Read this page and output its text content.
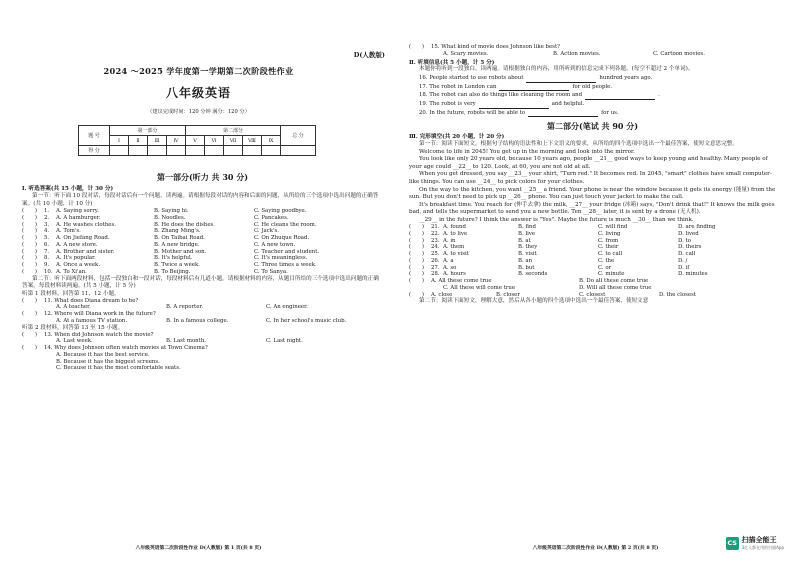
D(人教版)
2024 ～2025 学年度第一学期第二次阶段性作业
八年级英语
（建议完成时间：120 分钟 满分：120 分）
题 号	第一部分				第二部分					总 分
	Ⅰ	Ⅱ	Ⅲ	Ⅳ	Ⅴ	Ⅵ	Ⅶ	Ⅷ	Ⅸ	
得 分										
第一部分(听力 共 30 分)
Ⅰ. 听选答案(共 15 小题，计 30 分)
第一节：听下面 10 段对话，每段对话后有一个问题，读两遍。请根据每段对话的内容和后面的问题，从所给的三个选项中选出问题的正确答案。(共 10 小题，计 10 分)
(　　)	1.	A. Saying sorry.	B. Saying hi.	C. Saying goodbye.
(　　)	2.	A. A hamburger.	B. Noodles.	C. Pancakes.
(　　)	3.	A. He washes clothes.	B. He does the dishes.	C. He cleans the room.
(　　)	4.	A. Tom's.	B. Zhang Ming's.	C. Jack's.
(　　)	5.	A. On Jiefang Road.	B. On Taibai Road.	C. On Zhuque Road.
(　　)	6.	A. A new store.	B. A new bridge.	C. A new town.
(　　)	7.	A. Brother and sister.	B. Mother and son.	C. Teacher and student.
(　　)	8.	A. It's popular.	B. It's helpful.	C. It's meaningless.
(　　)	9.	A. Once a week.	B. Twice a week.	C. Three times a week.
(　　)	10. A. To Xi'an.	B. To Beijing.	C. To Sanya.
第二节：听下面两段材料，包括一段独白和一段对话，每段材料后有几道小题。请根据材料的内容，从题目所给的三个选项中选出问题的正确答案。每段材料读两遍。(共 5 小题，计 5 分)
听第 1 段材料，回答第 11、12 小题。
(　　)	11. What does Diana dream to be?
A. A teacher.	B. A reporter.	C. An engineer.
(　　)	12. Where will Diana work in the future?
A. At a famous TV station.	B. In a famous college.	C. In her school's music club.
听第 2 段材料，回答第 13 至 15 小题。
(　　)	13. When did Johnson watch the movie?
A. Last week.	B. Last month.	C. Last night.
(　　)	14. Why does Johnson often watch movies at Town Cinema?
A. Because it has the best service.
B. Because it has the biggest screens.
C. Because it has the most comfortable seats.
八年级英语第二次阶段性作业 D(人教版) 第 1 页(共 8 页)
(　　)	15. What kind of movie does Johnson like best?
A. Scary movies.	B. Action movies.	C. Cartoon movies.
Ⅱ. 听填信息(共 5 小题，计 5 分)
本题你将听到一段独白，读两遍。请根据独白的内容，用所听到的信息完成下列各题。(每空不超过 2 个单词)。
16. People started to use robots about	hundred years ago.
17. The robot in London can	for old people.
18. The robot can also do things like cleaning the room and	.
19. The robot is very	and helpful.
20. In the future, robots will be able to	for us.
第二部分(笔试 共 90 分)
Ⅲ. 完形填空(共 20 小题，计 20 分)
第一节：阅读下面短文，根据句子结构的语法性和上下文语义的要求，从所给的四个选项中选出一个最佳答案，使短文意思完整。
Welcome to life in 2045! You get up in the morning and look into the mirror.
You look like only 20 years old, because 10 years ago, people __21__ good ways to keep young and healthy. Many people of your age could __22__ to 120. Look, at 60, you are not old at all.
When you get dressed, you say __23__ your shirt, "Turn red." It becomes red. In 2045, "smart" clothes have small computer-like things. You can use __24__ to pick colors for your clothes.
On the way to the kitchen, you want __25__ a friend. Your phone is near the window because it gets its energy (能量) from the sun. But you don't need to pick up __26__ phone. You can just touch your jacket to make the call.
It's breakfast time. You reach for (伸手去拿) the milk, __27__ your fridge (冰箱) says, "Don't drink that!" It knows the milk goes bad, and tells the supermarket to send you a new bottle. Ten __28__ later, it is sent by a drone (无人机).
__29__ in the future? I think the answer is "Yes". Maybe the future is much __30__ than we think.
(　　)	21. A. found	B. find	C. will find	D. are finding
(　　)	22. A. to live	B. live	C. living	D. lived
(　　)	23. A. in	B. at	C. from	D. to
(　　)	24. A. them	B. they	C. their	D. theirs
(　　)	25. A. to visit	B. visit	C. to call	D. call
(　　)	26. A. a	B. an	C. the	D. /
(　　)	27. A. so	B. but	C. or	D. if
(　　)	28. A. hours	B. seconds	C. minute	D. minutes
(　　)	A. All these come true	B. Do all these come true
C. All these will come true	D. Will all these come true
(　　)	A. close	B. closer	C. closest	D. the closest
第二节：阅读下面短文，理解大意，然后从各小题的四个选项中选出一个最佳答案，使短文意
八年级英语第二次阶段性作业 D(人教版) 第 2 页(共 8 页)
CS 扫描全能王
3亿人都在用的扫描App
